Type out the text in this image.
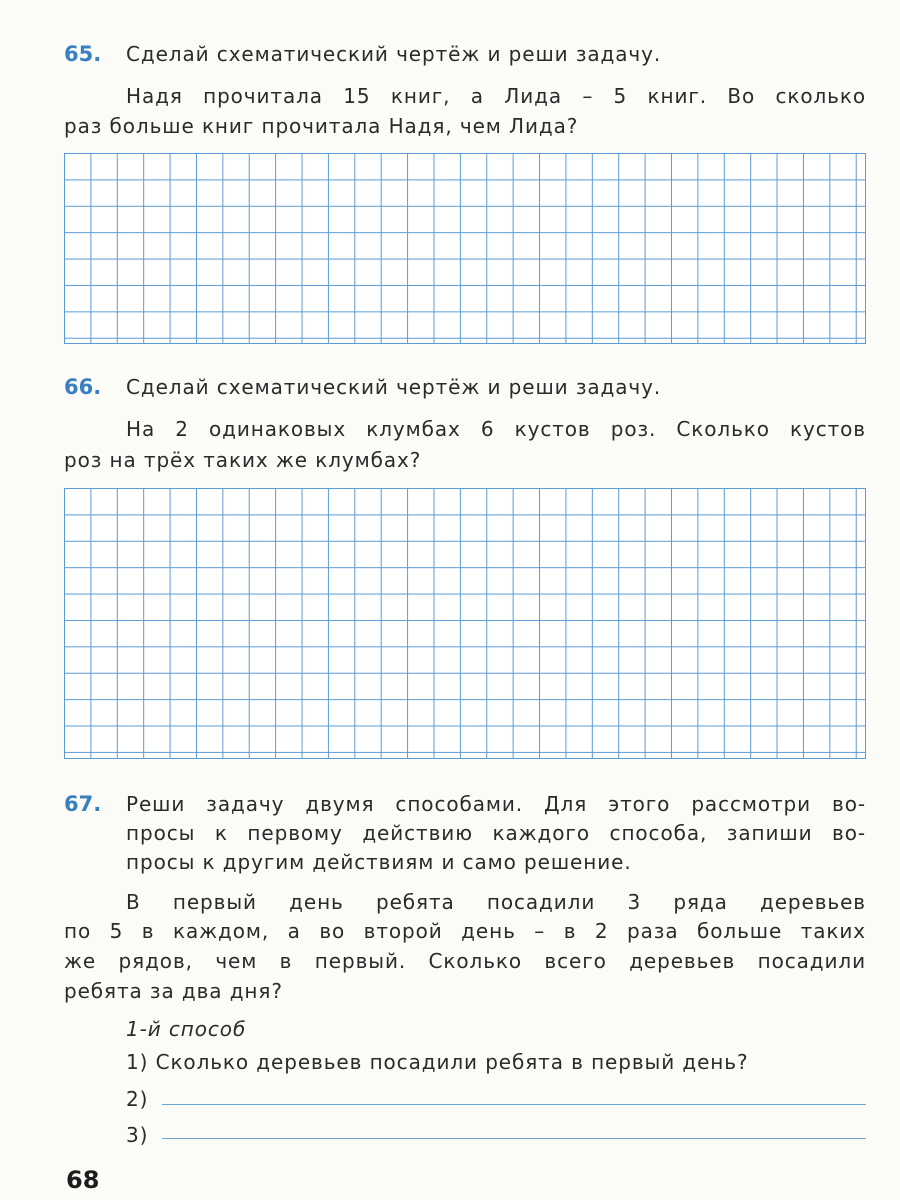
65. Сделай схематический чертёж и реши задачу.
Надя прочитала 15 книг, а Лида – 5 книг. Во сколько
раз больше книг прочитала Надя, чем Лида?
66. Сделай схематический чертёж и реши задачу.
На 2 одинаковых клумбах 6 кустов роз. Сколько кустов
роз на трёх таких же клумбах?
67. Реши задачу двумя способами. Для этого рассмотри во-
просы к первому действию каждого способа, запиши во-
просы к другим действиям и само решение.
В первый день ребята посадили 3 ряда деревьев
по 5 в каждом, а во второй день – в 2 раза больше таких
же рядов, чем в первый. Сколько всего деревьев посадили
ребята за два дня?
1-й способ
1) Сколько деревьев посадили ребята в первый день?
2)
3)
68
